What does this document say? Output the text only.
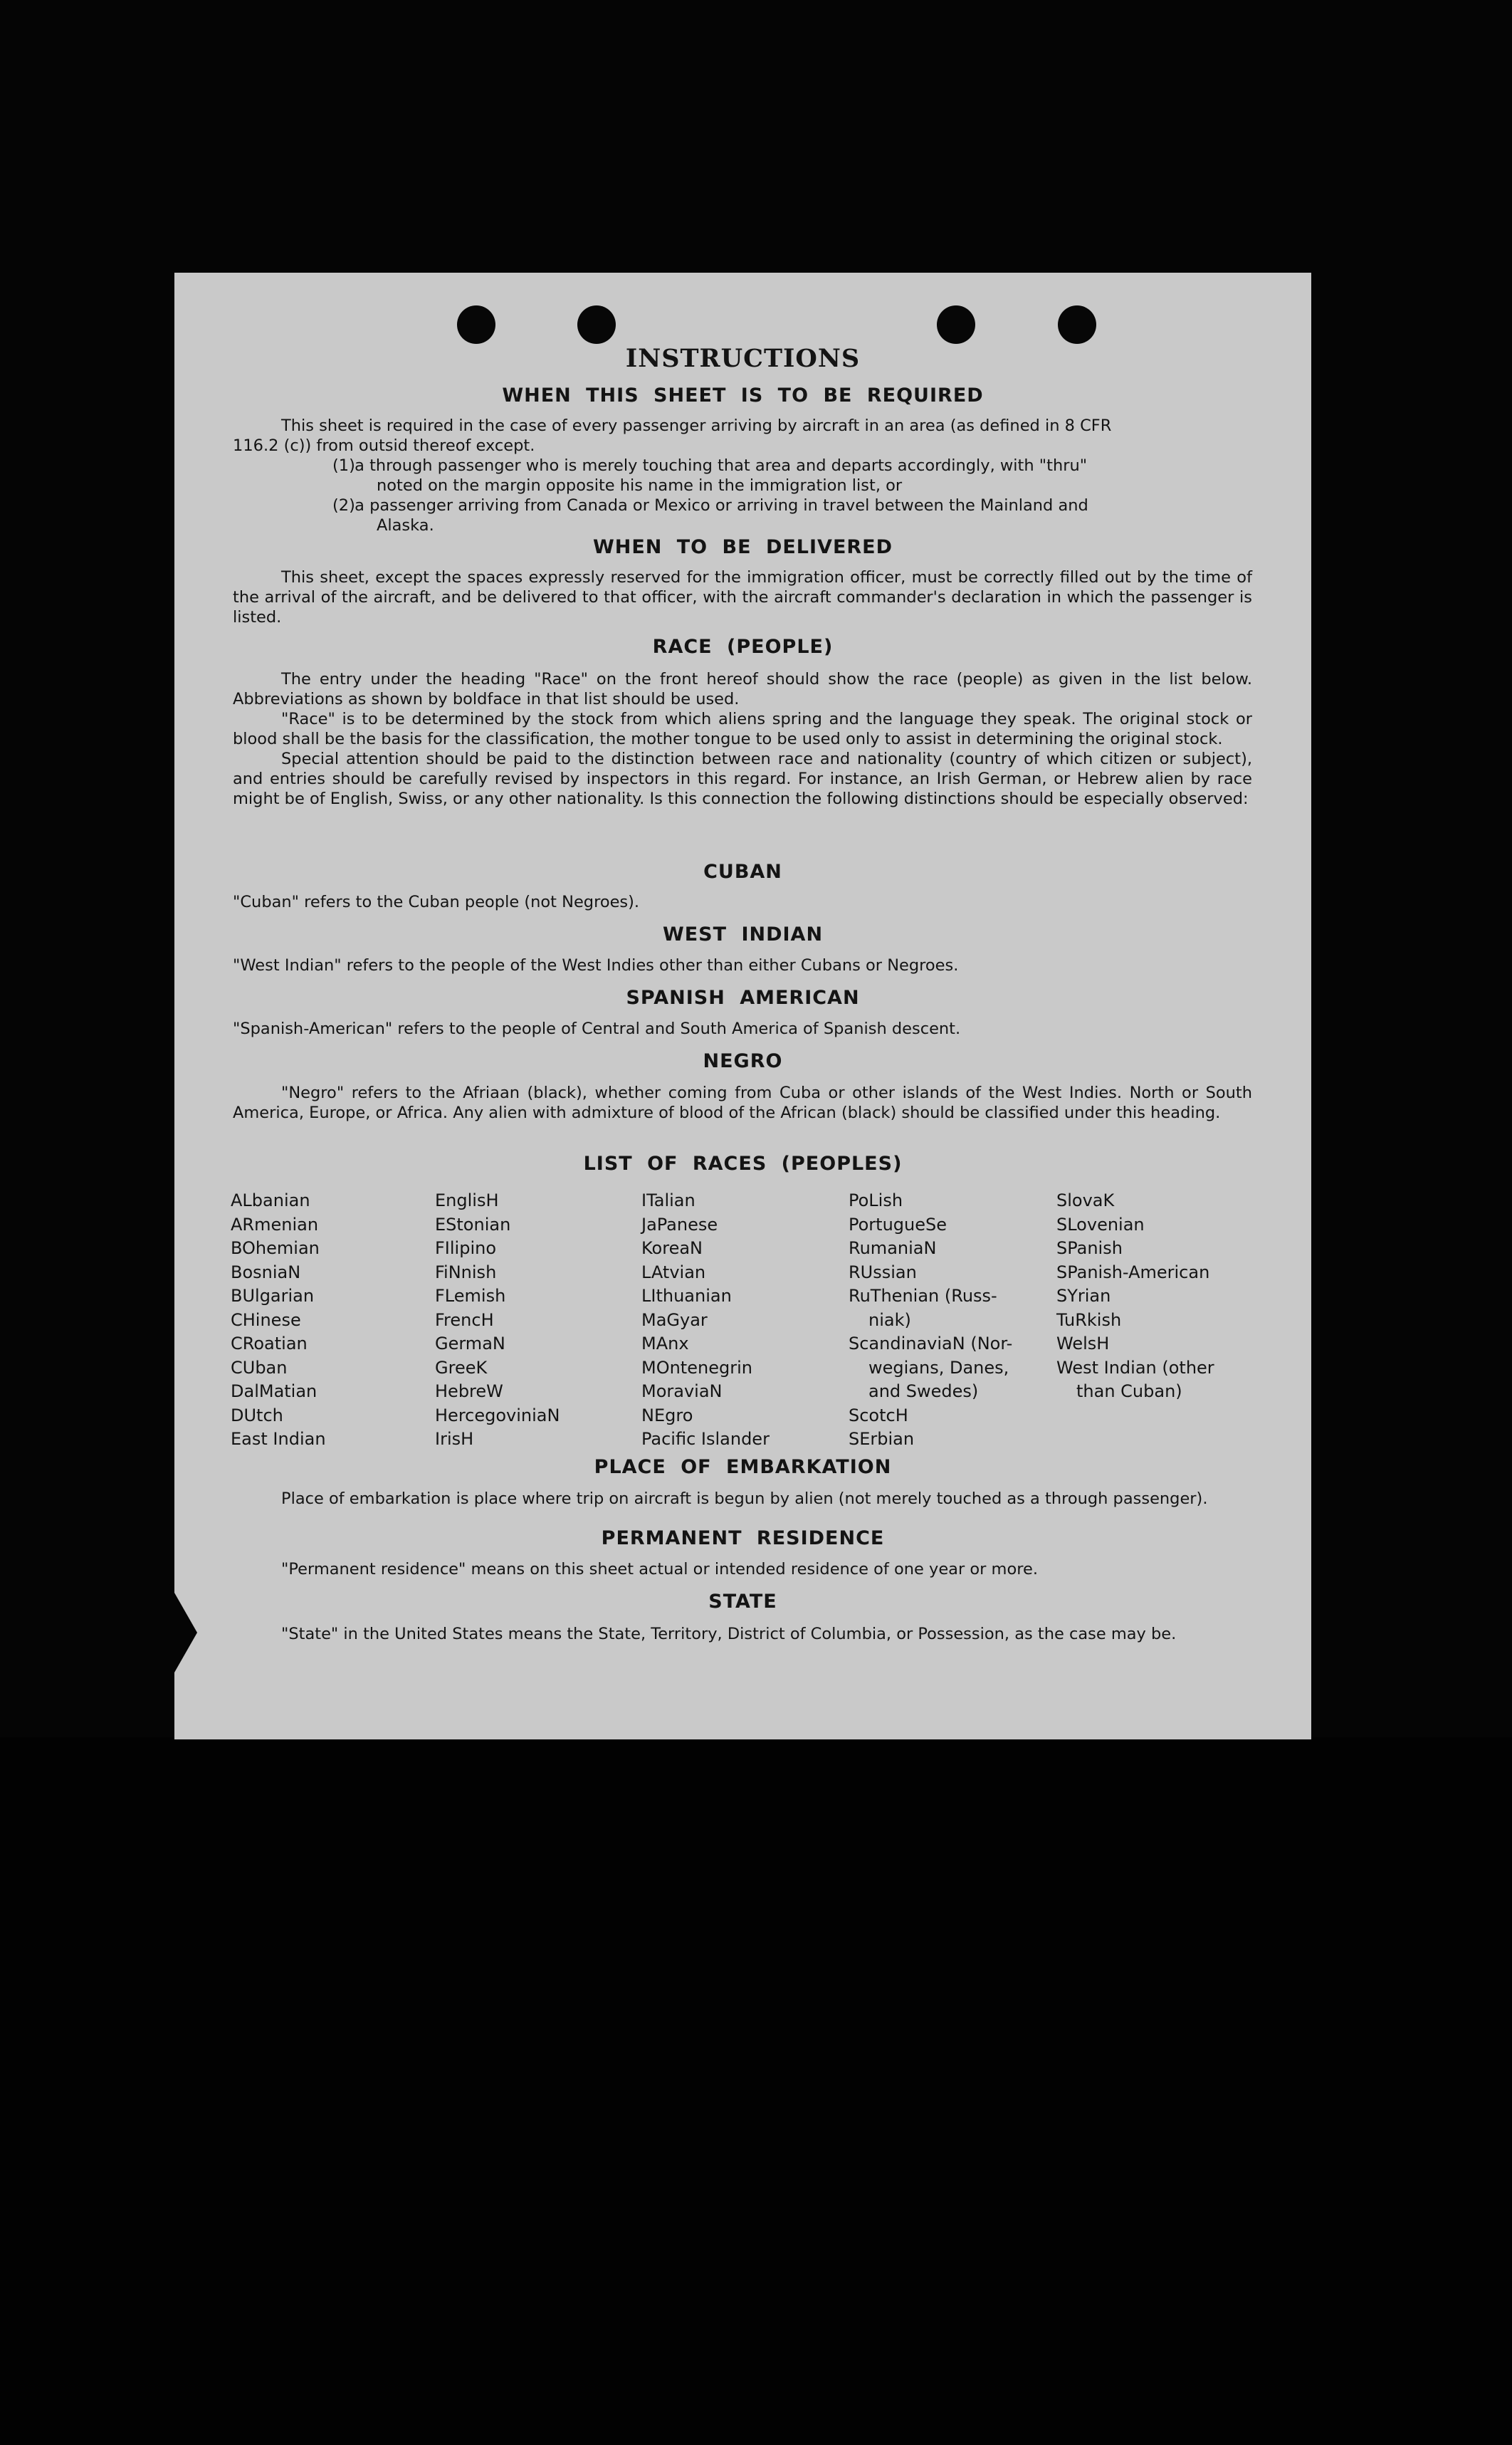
INSTRUCTIONS
WHEN THIS SHEET IS TO BE REQUIRED

This sheet is required in the case of every passenger arriving by aircraft in an area (as defined in 8 CFR

116.2 (c)) from outsid thereof except.

(1) a through passenger who is merely touching that area and departs accordingly, with "thru"
noted on the margin opposite his name in the immigration list, or
(2) a passenger arriving from Canada or Mexico or arriving in travel between the Mainland and
Alaska.
WHEN TO BE DELIVERED

This sheet, except the spaces expressly reserved for the immigration officer, must be correctly filled out by the time of the arrival of the aircraft, and be delivered to that officer, with the aircraft commander's declaration in which the passenger is listed.

RACE (PEOPLE)

The entry under the heading "Race" on the front hereof should show the race (people) as given in the list below. Abbreviations as shown by boldface in that list should be used.

"Race" is to be determined by the stock from which aliens spring and the language they speak. The original stock or blood shall be the basis for the classification, the mother tongue to be used only to assist in determining the original stock.

Special attention should be paid to the distinction between race and nationality (country of which citizen or subject), and entries should be carefully revised by inspectors in this regard. For instance, an Irish German, or Hebrew alien by race might be of English, Swiss, or any other nationality. Is this connection the following distinctions should be especially observed:

CUBAN

"Cuban" refers to the Cuban people (not Negroes).

WEST INDIAN

"West Indian" refers to the people of the West Indies other than either Cubans or Negroes.

SPANISH AMERICAN

"Spanish-American" refers to the people of Central and South America of Spanish descent.

NEGRO

"Negro" refers to the Afriaan (black), whether coming from Cuba or other islands of the West Indies. North or South America, Europe, or Africa. Any alien with admixture of blood of the African (black) should be classified under this heading.

LIST OF RACES (PEOPLES)
ALbanian
ARmenian
BOhemian
BosniaN
BUlgarian
CHinese
CRoatian
CUban
DalMatian
DUtch
East Indian
EnglisH
EStonian
FIlipino
FiNnish
FLemish
FrencH
GermaN
GreeK
HebreW
HercegoviniaN
IrisH
ITalian
JaPanese
KoreaN
LAtvian
LIthuanian
MaGyar
MAnx
MOntenegrin
MoraviaN
NEgro
Pacific Islander
PoLish
PortugueSe
RumaniaN
RUssian
RuThenian (Russ-
niak)
ScandinaviaN (Nor-
wegians, Danes,
and Swedes)
ScotcH
SErbian
SlovaK
SLovenian
SPanish
SPanish-American
SYrian
TuRkish
WelsH
West Indian (other
than Cuban)
PLACE OF EMBARKATION

Place of embarkation is place where trip on aircraft is begun by alien (not merely touched as a through passenger).

PERMANENT RESIDENCE

"Permanent residence" means on this sheet actual or intended residence of one year or more.

STATE

"State" in the United States means the State, Territory, District of Columbia, or Possession, as the case may be.
